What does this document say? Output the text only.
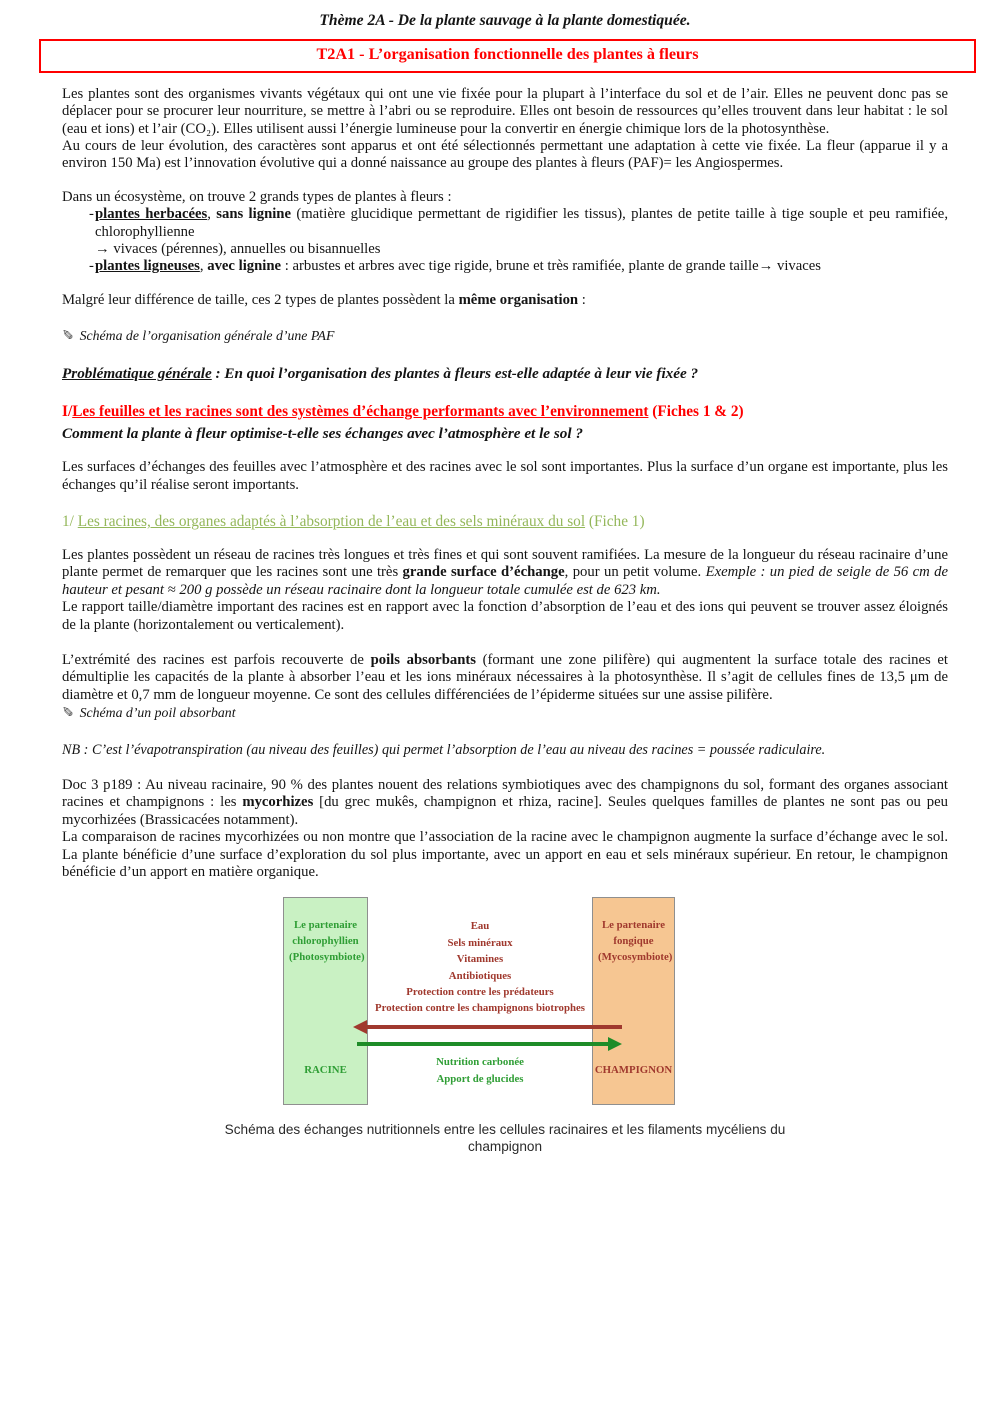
Thème 2A - De la plante sauvage à la plante domestiquée.
T2A1 - L’organisation fonctionnelle des plantes à fleurs
Les plantes sont des organismes vivants végétaux qui ont une vie fixée pour la plupart à l’interface du sol et de l’air. Elles ne peuvent donc pas se déplacer pour se procurer leur nourriture, se mettre à l’abri ou se reproduire. Elles ont besoin de ressources qu’elles trouvent dans leur habitat : le sol (eau et ions) et l’air (CO₂). Elles utilisent aussi l’énergie lumineuse pour la convertir en énergie chimique lors de la photosynthèse.
Au cours de leur évolution, des caractères sont apparus et ont été sélectionnés permettant une adaptation à cette vie fixée. La fleur (apparue il y a environ 150 Ma) est l’innovation évolutive qui a donné naissance au groupe des plantes à fleurs (PAF)= les Angiospermes.
Dans un écosystème, on trouve 2 grands types de plantes à fleurs :
- plantes herbacées, sans lignine (matière glucidique permettant de rigidifier les tissus), plantes de petite taille à tige souple et peu ramifiée, chlorophyllienne
→ vivaces (pérennes), annuelles ou bisannuelles
- plantes ligneuses, avec lignine : arbustes et arbres avec tige rigide, brune et très ramifiée, plante de grande taille→ vivaces
Malgré leur différence de taille, ces 2 types de plantes possèdent la même organisation :
✐ Schéma de l’organisation générale d’une PAF
Problématique générale : En quoi l’organisation des plantes à fleurs est-elle adaptée à leur vie fixée ?
I/Les feuilles et les racines sont des systèmes d’échange performants avec l’environnement (Fiches 1 & 2)
Comment la plante à fleur optimise-t-elle ses échanges avec l’atmosphère et le sol ?
Les surfaces d’échanges des feuilles avec l’atmosphère et des racines avec le sol sont importantes. Plus la surface d’un organe est importante, plus les échanges qu’il réalise seront importants.
1/ Les racines, des organes adaptés à l’absorption de l’eau et des sels minéraux du sol (Fiche 1)
Les plantes possèdent un réseau de racines très longues et très fines et qui sont souvent ramifiées. La mesure de la longueur du réseau racinaire d’une plante permet de remarquer que les racines sont une très grande surface d’échange, pour un petit volume. Exemple : un pied de seigle de 56 cm de hauteur et pesant ≈ 200 g possède un réseau racinaire dont la longueur totale cumulée est de 623 km.
Le rapport taille/diamètre important des racines est en rapport avec la fonction d’absorption de l’eau et des ions qui peuvent se trouver assez éloignés de la plante (horizontalement ou verticalement).
L’extrémité des racines est parfois recouverte de poils absorbants (formant une zone pilifère) qui augmentent la surface totale des racines et démultiplie les capacités de la plante à absorber l’eau et les ions minéraux nécessaires à la photosynthèse. Il s’agit de cellules fines de 13,5 μm de diamètre et 0,7 mm de longueur moyenne. Ce sont des cellules différenciées de l’épiderme situées sur une assise pilifère.
✐ Schéma d’un poil absorbant
NB : C’est l’évapotranspiration (au niveau des feuilles) qui permet l’absorption de l’eau au niveau des racines = poussée radiculaire.
Doc 3 p189 : Au niveau racinaire, 90 % des plantes nouent des relations symbiotiques avec des champignons du sol, formant des organes associant racines et champignons : les mycorhizes [du grec mukês, champignon et rhiza, racine]. Seules quelques familles de plantes ne sont pas ou peu mycorhizées (Brassicacées notamment).
La comparaison de racines mycorhizées ou non montre que l’association de la racine avec le champignon augmente la surface d’échange avec le sol. La plante bénéficie d’une surface d’exploration du sol plus importante, avec un apport en eau et sels minéraux supérieur. En retour, le champignon bénéficie d’un apport en matière organique.
Le partenaire chlorophyllien (Photosymbiote)
RACINE
Eau
Sels minéraux
Vitamines
Antibiotiques
Protection contre les prédateurs
Protection contre les champignons biotrophes
Le partenaire fongique (Mycosymbiote)
CHAMPIGNON
Nutrition carbonée
Apport de glucides
Schéma des échanges nutritionnels entre les cellules racinaires et les filaments mycéliens du champignon
